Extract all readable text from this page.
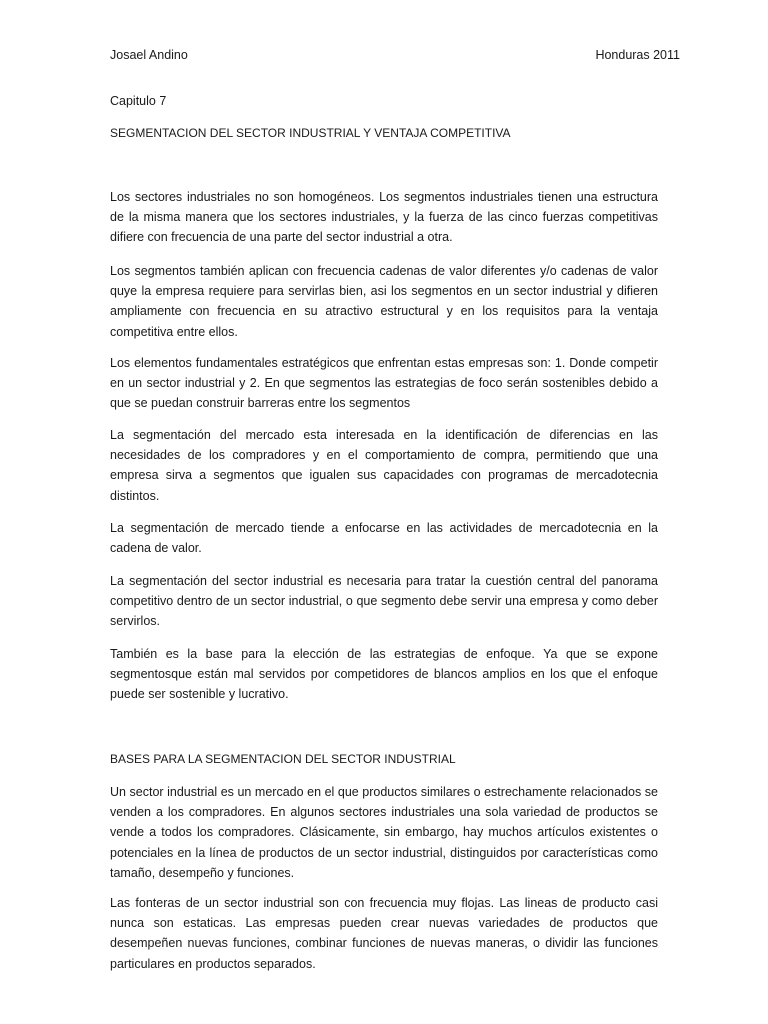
Josael Andino	Honduras 2011
Capitulo 7
SEGMENTACION DEL SECTOR INDUSTRIAL Y VENTAJA COMPETITIVA

Los sectores industriales no son homogéneos. Los segmentos industriales tienen una estructura de la misma manera que los sectores industriales, y la fuerza de las cinco fuerzas competitivas difiere con frecuencia de una parte del sector industrial a otra.

Los segmentos también aplican con frecuencia cadenas de valor diferentes y/o cadenas de valor quye la empresa requiere para servirlas bien, asi los segmentos en un sector industrial y difieren ampliamente con frecuencia en su atractivo estructural y en los requisitos para la ventaja competitiva entre ellos.

Los elementos fundamentales estratégicos que enfrentan estas empresas son: 1. Donde competir en un sector industrial y 2. En que segmentos las estrategias de foco serán sostenibles debido a que se puedan construir barreras entre los segmentos

La segmentación del mercado esta interesada en la identificación de diferencias en las necesidades de los compradores y en el comportamiento de compra, permitiendo que una empresa sirva a segmentos que igualen sus capacidades con programas de mercadotecnia distintos.

La segmentación de mercado tiende a enfocarse en las actividades de mercadotecnia en la cadena de valor.

La segmentación del sector industrial es necesaria para tratar la cuestión central del panorama competitivo dentro de un sector industrial, o que segmento debe servir una empresa y como deber servirlos.

También es la base para la elección de las estrategias de enfoque. Ya que se expone segmentosque están mal servidos por competidores de blancos amplios en los que el enfoque puede ser sostenible y lucrativo.

BASES PARA LA SEGMENTACION DEL SECTOR INDUSTRIAL

Un sector industrial es un mercado en el que productos similares o estrechamente relacionados se venden a los compradores. En algunos sectores industriales una sola variedad de productos se vende a todos los compradores. Clásicamente, sin embargo, hay muchos artículos existentes o potenciales en la línea de productos de un sector industrial, distinguidos por características como tamaño, desempeño y funciones.

Las fonteras de un sector industrial son con frecuencia muy flojas. Las lineas de producto casi nunca son estaticas. Las empresas pueden crear nuevas variedades de productos que desempeñen nuevas funciones, combinar funciones de nuevas maneras, o dividir las funciones particulares en productos separados.
